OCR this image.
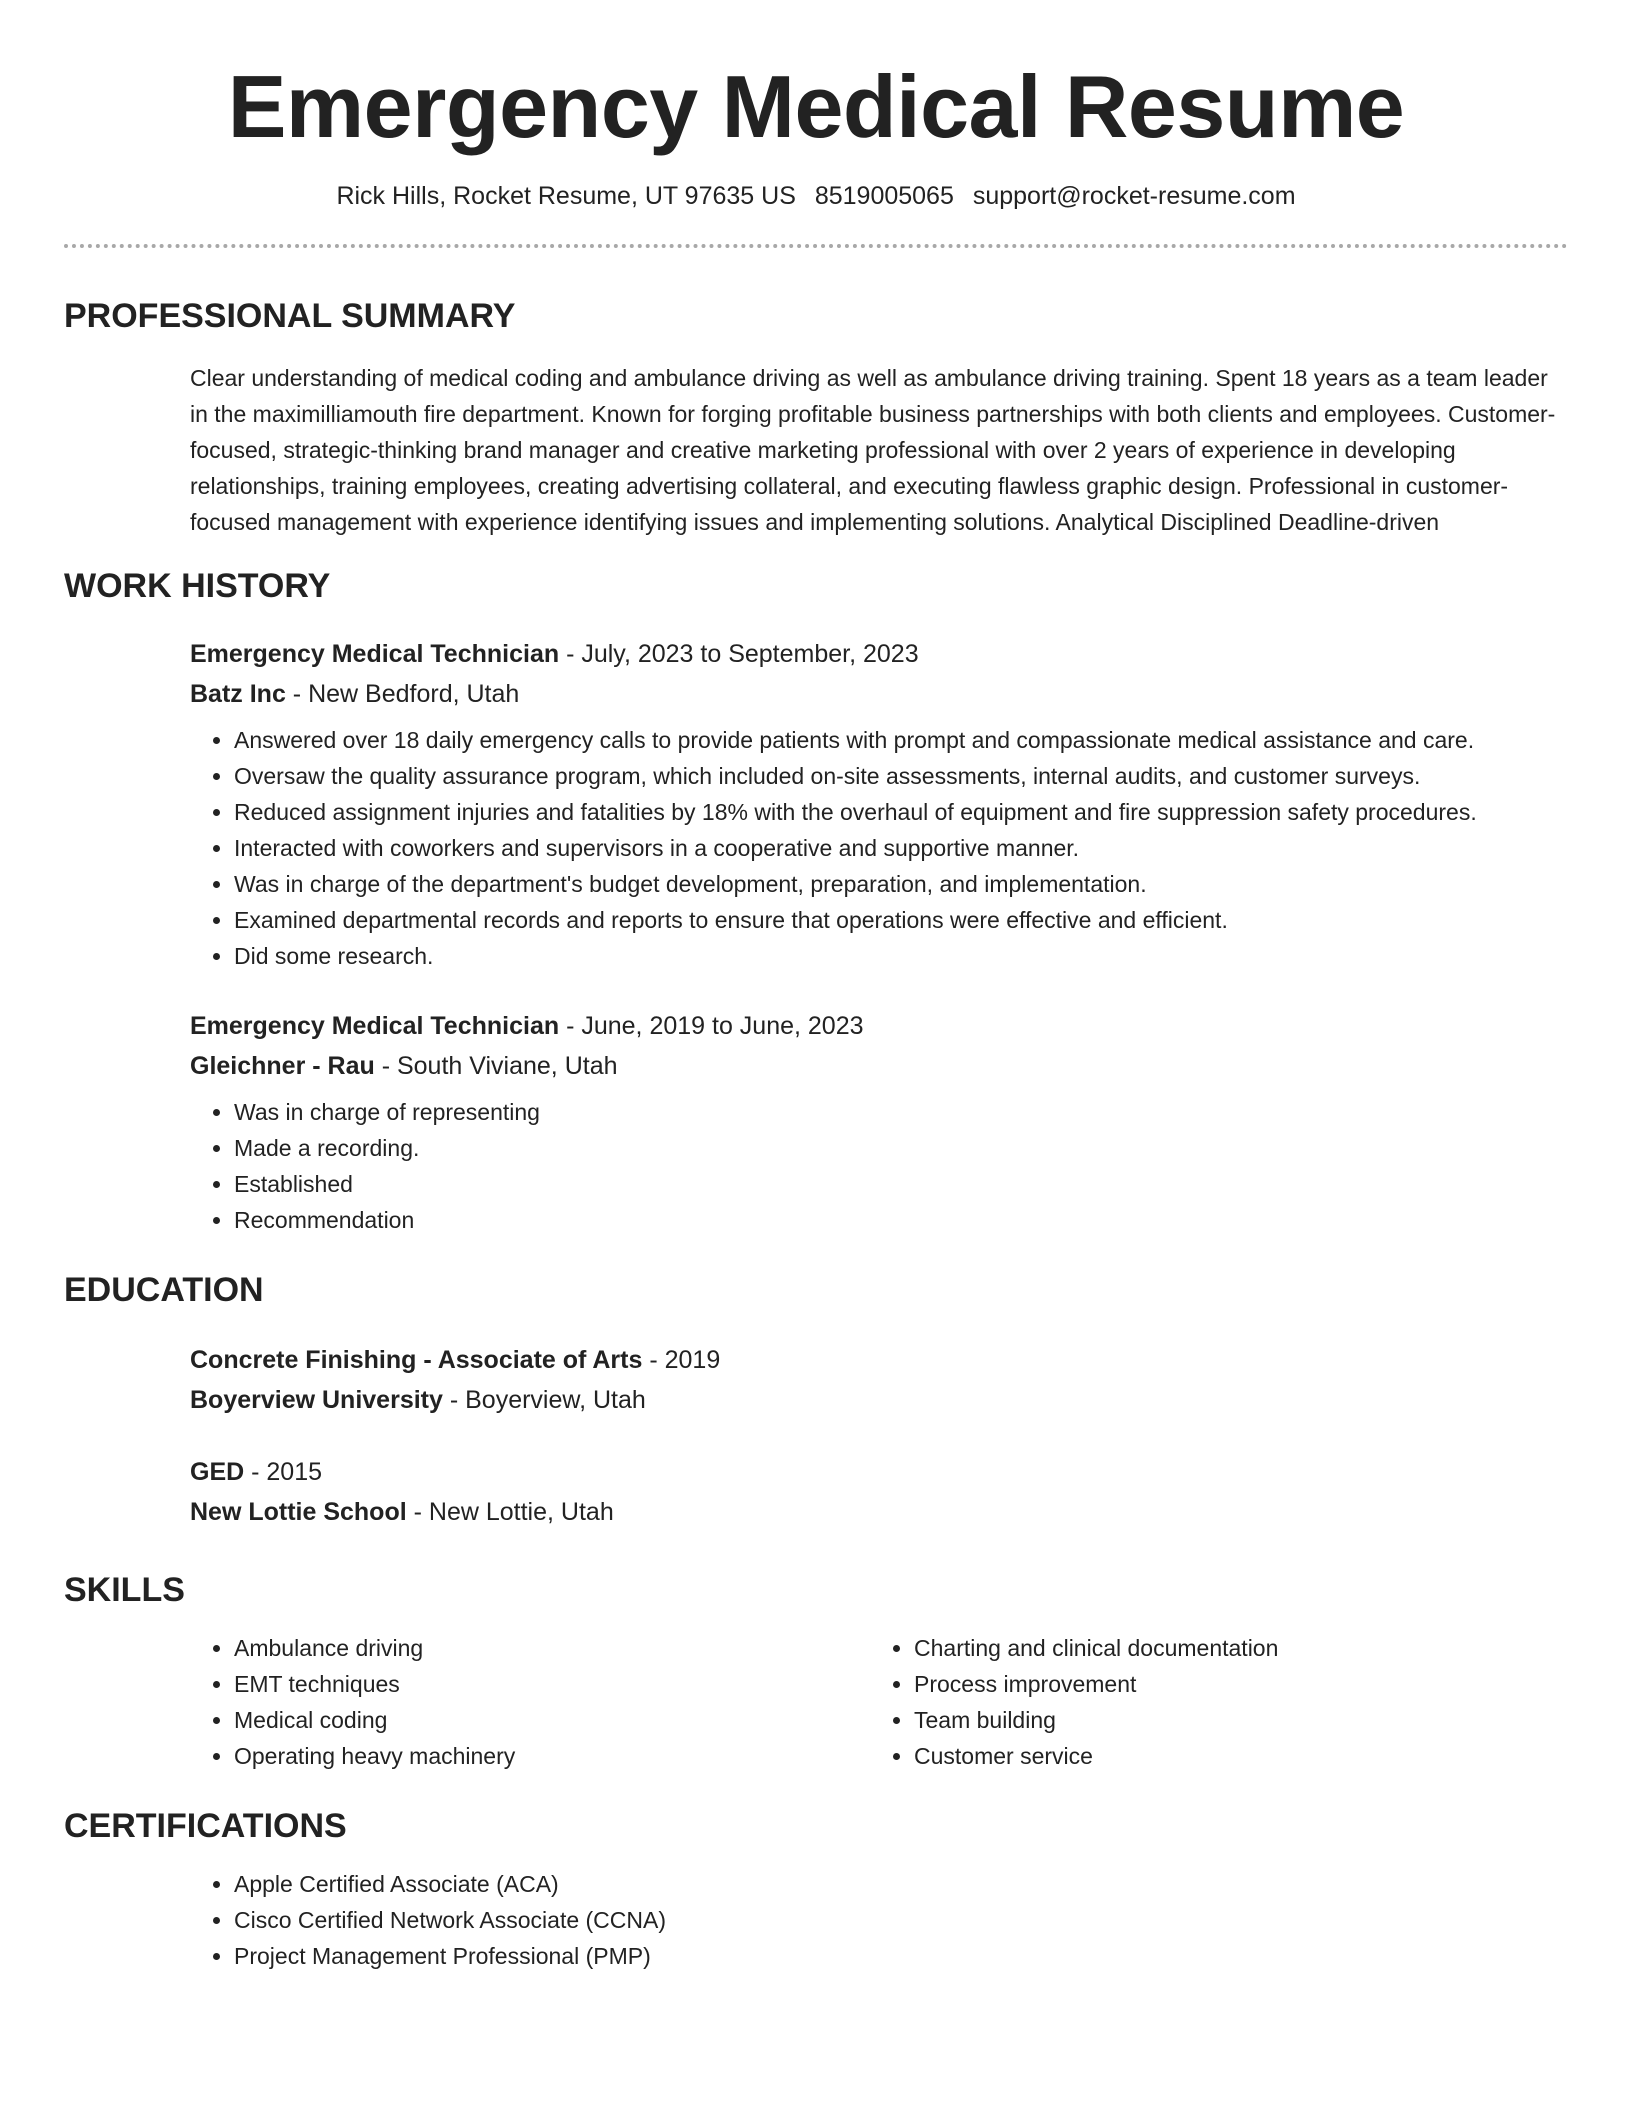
Emergency Medical Resume
Rick Hills, Rocket Resume, UT 97635 US 8519005065 support@rocket-resume.com
PROFESSIONAL SUMMARY
Clear understanding of medical coding and ambulance driving as well as ambulance driving training. Spent 18 years as a team leader in the maximilliamouth fire department. Known for forging profitable business partnerships with both clients and employees. Customer-focused, strategic-thinking brand manager and creative marketing professional with over 2 years of experience in developing relationships, training employees, creating advertising collateral, and executing flawless graphic design. Professional in customer-focused management with experience identifying issues and implementing solutions. Analytical Disciplined Deadline-driven
WORK HISTORY
Emergency Medical Technician - July, 2023 to September, 2023
Batz Inc - New Bedford, Utah
• Answered over 18 daily emergency calls to provide patients with prompt and compassionate medical assistance and care.
• Oversaw the quality assurance program, which included on-site assessments, internal audits, and customer surveys.
• Reduced assignment injuries and fatalities by 18% with the overhaul of equipment and fire suppression safety procedures.
• Interacted with coworkers and supervisors in a cooperative and supportive manner.
• Was in charge of the department's budget development, preparation, and implementation.
• Examined departmental records and reports to ensure that operations were effective and efficient.
• Did some research.
Emergency Medical Technician - June, 2019 to June, 2023
Gleichner - Rau - South Viviane, Utah
• Was in charge of representing
• Made a recording.
• Established
• Recommendation
EDUCATION
Concrete Finishing - Associate of Arts - 2019
Boyerview University - Boyerview, Utah
GED - 2015
New Lottie School - New Lottie, Utah
SKILLS
• Ambulance driving
• EMT techniques
• Medical coding
• Operating heavy machinery
• Charting and clinical documentation
• Process improvement
• Team building
• Customer service
CERTIFICATIONS
• Apple Certified Associate (ACA)
• Cisco Certified Network Associate (CCNA)
• Project Management Professional (PMP)
